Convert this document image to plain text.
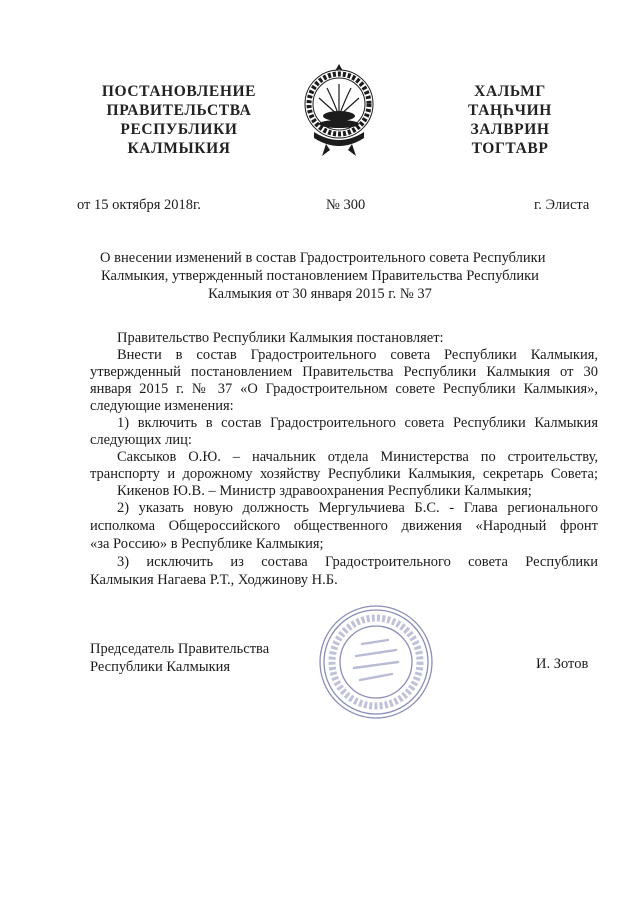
ПОСТАНОВЛЕНИЕ
ПРАВИТЕЛЬСТВА
РЕСПУБЛИКИ
КАЛМЫКИЯ
ХАЛЬМГ
ТАҢҺЧИН
ЗАЛВРИН
ТОГТАВР
от 15 октября 2018г.	№ 300	г. Элиста
О внесении изменений в состав Градостроительного совета Республики
Калмыкия, утвержденный постановлением Правительства Республики
Калмыкия от 30 января 2015 г. № 37
Правительство Республики Калмыкия постановляет:
Внести в состав Градостроительного совета Республики Калмыкия,
утвержденный постановлением Правительства Республики Калмыкия от 30
января 2015 г. № 37 «О Градостроительном совете Республики Калмыкия»,
следующие изменения:
1) включить в состав Градостроительного совета Республики Калмыкия
следующих лиц:
Саксыков О.Ю. – начальник отдела Министерства по строительству,
транспорту и дорожному хозяйству Республики Калмыкия, секретарь Совета;
Кикенов Ю.В. – Министр здравоохранения Республики Калмыкия;
2) указать новую должность Мергульчиева Б.С. - Глава регионального
исполкома Общероссийского общественного движения «Народный фронт
«за Россию» в Республике Калмыкия;
3) исключить из состава Градостроительного совета Республики
Калмыкия Нагаева Р.Т., Ходжинову Н.Б.
Председатель Правительства
Республики Калмыкия	И. Зотов
